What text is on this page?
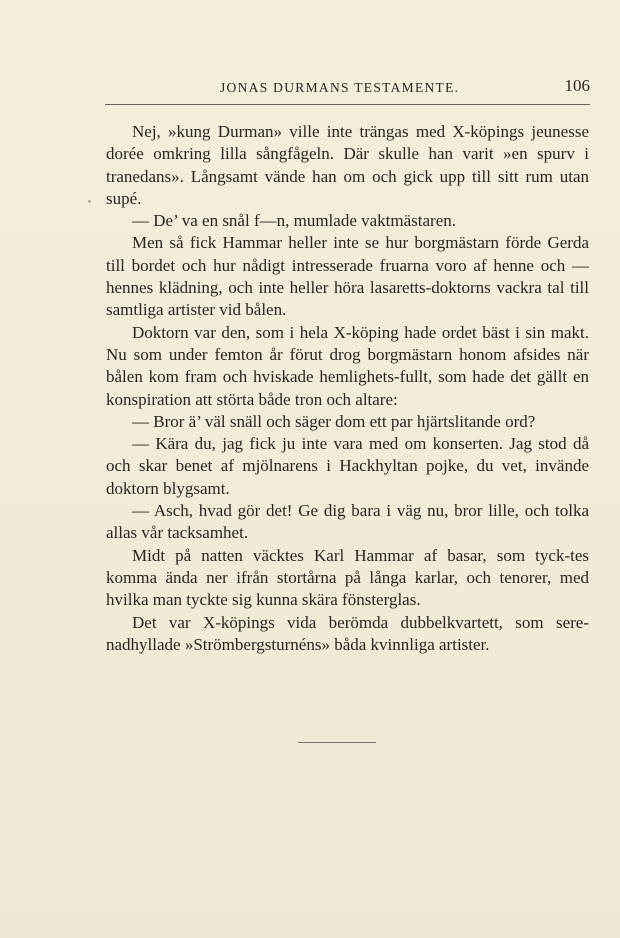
JONAS DURMANS TESTAMENTE.	106

Nej, »kung Durman» ville inte trängas med X-köpings jeunesse dorée omkring lilla sångfågeln. Där skulle han varit »en spurv i tranedans». Långsamt vände han om och gick upp till sitt rum utan supé.

— De’ va en snål f—n, mumlade vaktmästaren.

Men så fick Hammar heller inte se hur borgmästarn förde Gerda till bordet och hur nådigt intresserade fruarna voro af henne och — hennes klädning, och inte heller höra lasaretts-doktorns vackra tal till samtliga artister vid bålen.

Doktorn var den, som i hela X-köping hade ordet bäst i sin makt. Nu som under femton år förut drog borgmästarn honom afsides när bålen kom fram och hviskade hemlighets-fullt, som hade det gällt en konspiration att störta både tron och altare:

— Bror ä’ väl snäll och säger dom ett par hjärtslitande ord?

— Kära du, jag fick ju inte vara med om konserten. Jag stod då och skar benet af mjölnarens i Hackhyltan pojke, du vet, invände doktorn blygsamt.

— Asch, hvad gör det! Ge dig bara i väg nu, bror lille, och tolka allas vår tacksamhet.

Midt på natten väcktes Karl Hammar af basar, som tyck-tes komma ända ner ifrån stortårna på långa karlar, och tenorer, med hvilka man tyckte sig kunna skära fönsterglas.

Det var X-köpings vida berömda dubbelkvartett, som sere-nadhyllade »Strömbergsturnéns» båda kvinnliga artister.
